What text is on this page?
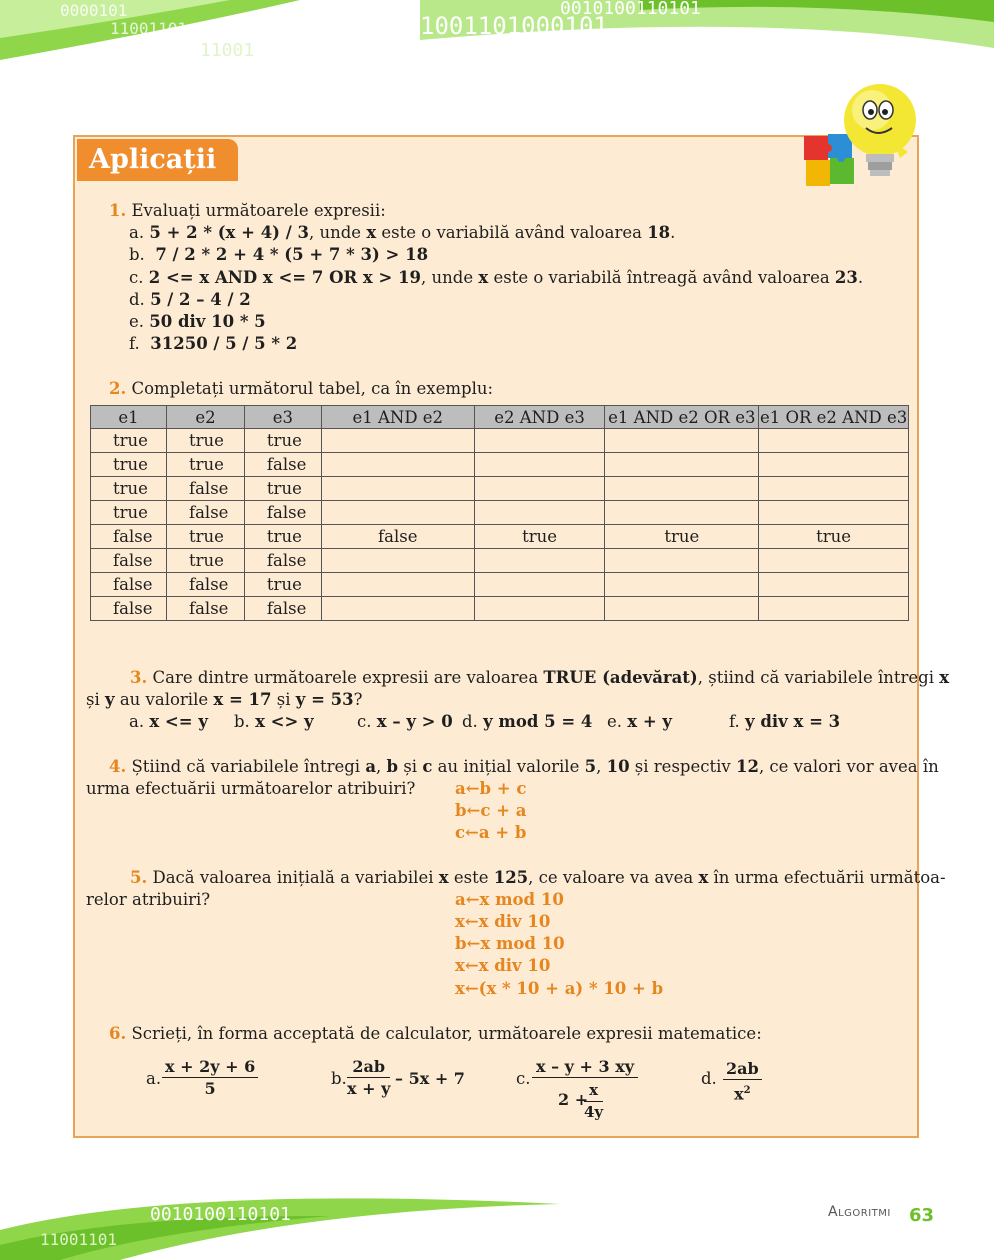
0000101
11001101
11001
1001101000101
0010100110101
Aplicații
1. Evaluați următoarele expresii:
a. 5 + 2 * (x + 4) / 3, unde x este o variabilă având valoarea 18.
b. 7 / 2 * 2 + 4 * (5 + 7 * 3) > 18
c. 2 <= x AND x <= 7 OR x > 19, unde x este o variabilă întreagă având valoarea 23.
d. 5 / 2 – 4 / 2
e. 50 div 10 * 5
f. 31250 / 5 / 5 * 2
2. Completați următorul tabel, ca în exemplu:
e1	e2	e3	e1 AND e2	e2 AND e3	e1 AND e2 OR e3	e1 OR e2 AND e3
true	true	true				
true	true	false				
true	false	true				
true	false	false				
false	true	true	false	true	true	true
false	true	false				
false	false	true				
false	false	false				
3. Care dintre următoarele expresii are valoarea TRUE (adevărat), știind că variabilele întregi x
și y au valorile x = 17 și y = 53?
a. x <= y b. x <> y	c. x – y > 0 d. y mod 5 = 4 e. x + y	f. y div x = 3
4. Știind că variabilele întregi a, b și c au inițial valorile 5, 10 și respectiv 12, ce valori vor avea în
urma efectuării următoarelor atribuiri? a←b + c
b←c + a
c←a + b
5. Dacă valoarea inițială a variabilei x este 125, ce valoare va avea x în urma efectuării următoa-
relor atribuiri?	a←x mod 10
x←x div 10
b←x mod 10
x←x div 10
x←(x * 10 + a) * 10 + b
6. Scrieți, în forma acceptată de calculator, următoarele expresii matematice:
a. $\frac{x + 2y + 6}{5}$	b. $\frac{2ab}{x + y} - 5x + 7$	c.
x – y + 3 xy
2 +
$\frac{x}{4y}$
d. $\frac{2ab}{x^2}$
0010100110101
11001101
Algoritmi 63
